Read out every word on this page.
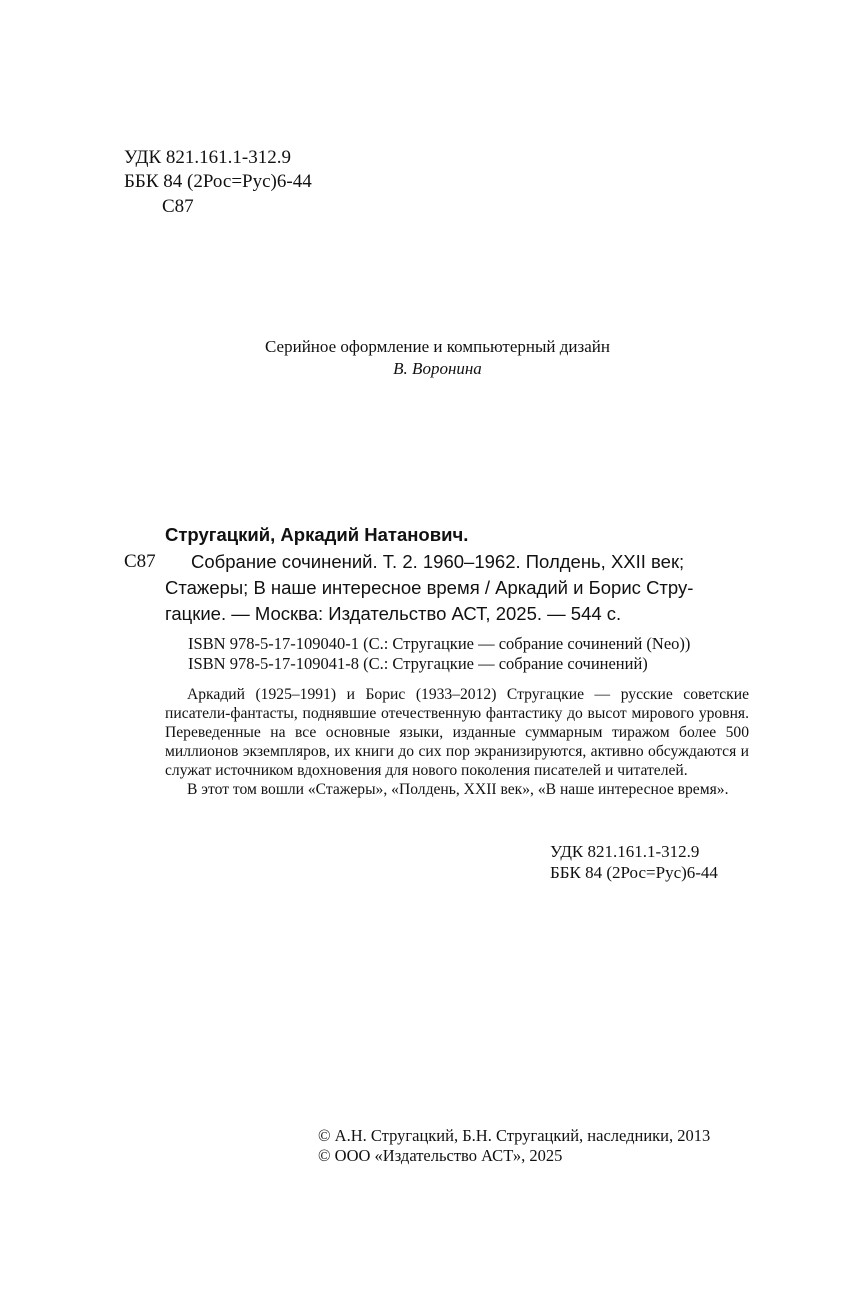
УДК 821.161.1-312.9
ББК 84 (2Рос=Рус)6-44
С87
Серийное оформление и компьютерный дизайн
В. Воронина
Стругацкий, Аркадий Натанович.
С87 Собрание сочинений. Т. 2. 1960–1962. Полдень, XXII век;
Стажеры; В наше интересное время / Аркадий и Борис Стру-
гацкие. — Москва: Издательство АСТ, 2025. — 544 с.
ISBN 978-5-17-109040-1 (С.: Стругацкие — собрание сочинений (Neo))
ISBN 978-5-17-109041-8 (С.: Стругацкие — собрание сочинений)

Аркадий (1925–1991) и Борис (1933–2012) Стругацкие — русские советские писатели-фантасты, поднявшие отечественную фантастику до высот мирового уровня. Переведенные на все основные языки, изданные суммарным тиражом более 500 миллионов экземпляров, их книги до сих пор экранизируются, активно обсуждаются и служат источником вдохновения для нового поколения писателей и читателей.

В этот том вошли «Стажеры», «Полдень, XXII век», «В наше интересное время».

УДК 821.161.1-312.9
ББК 84 (2Рос=Рус)6-44
© А.Н. Стругацкий, Б.Н. Стругацкий, наследники, 2013
© ООО «Издательство АСТ», 2025
